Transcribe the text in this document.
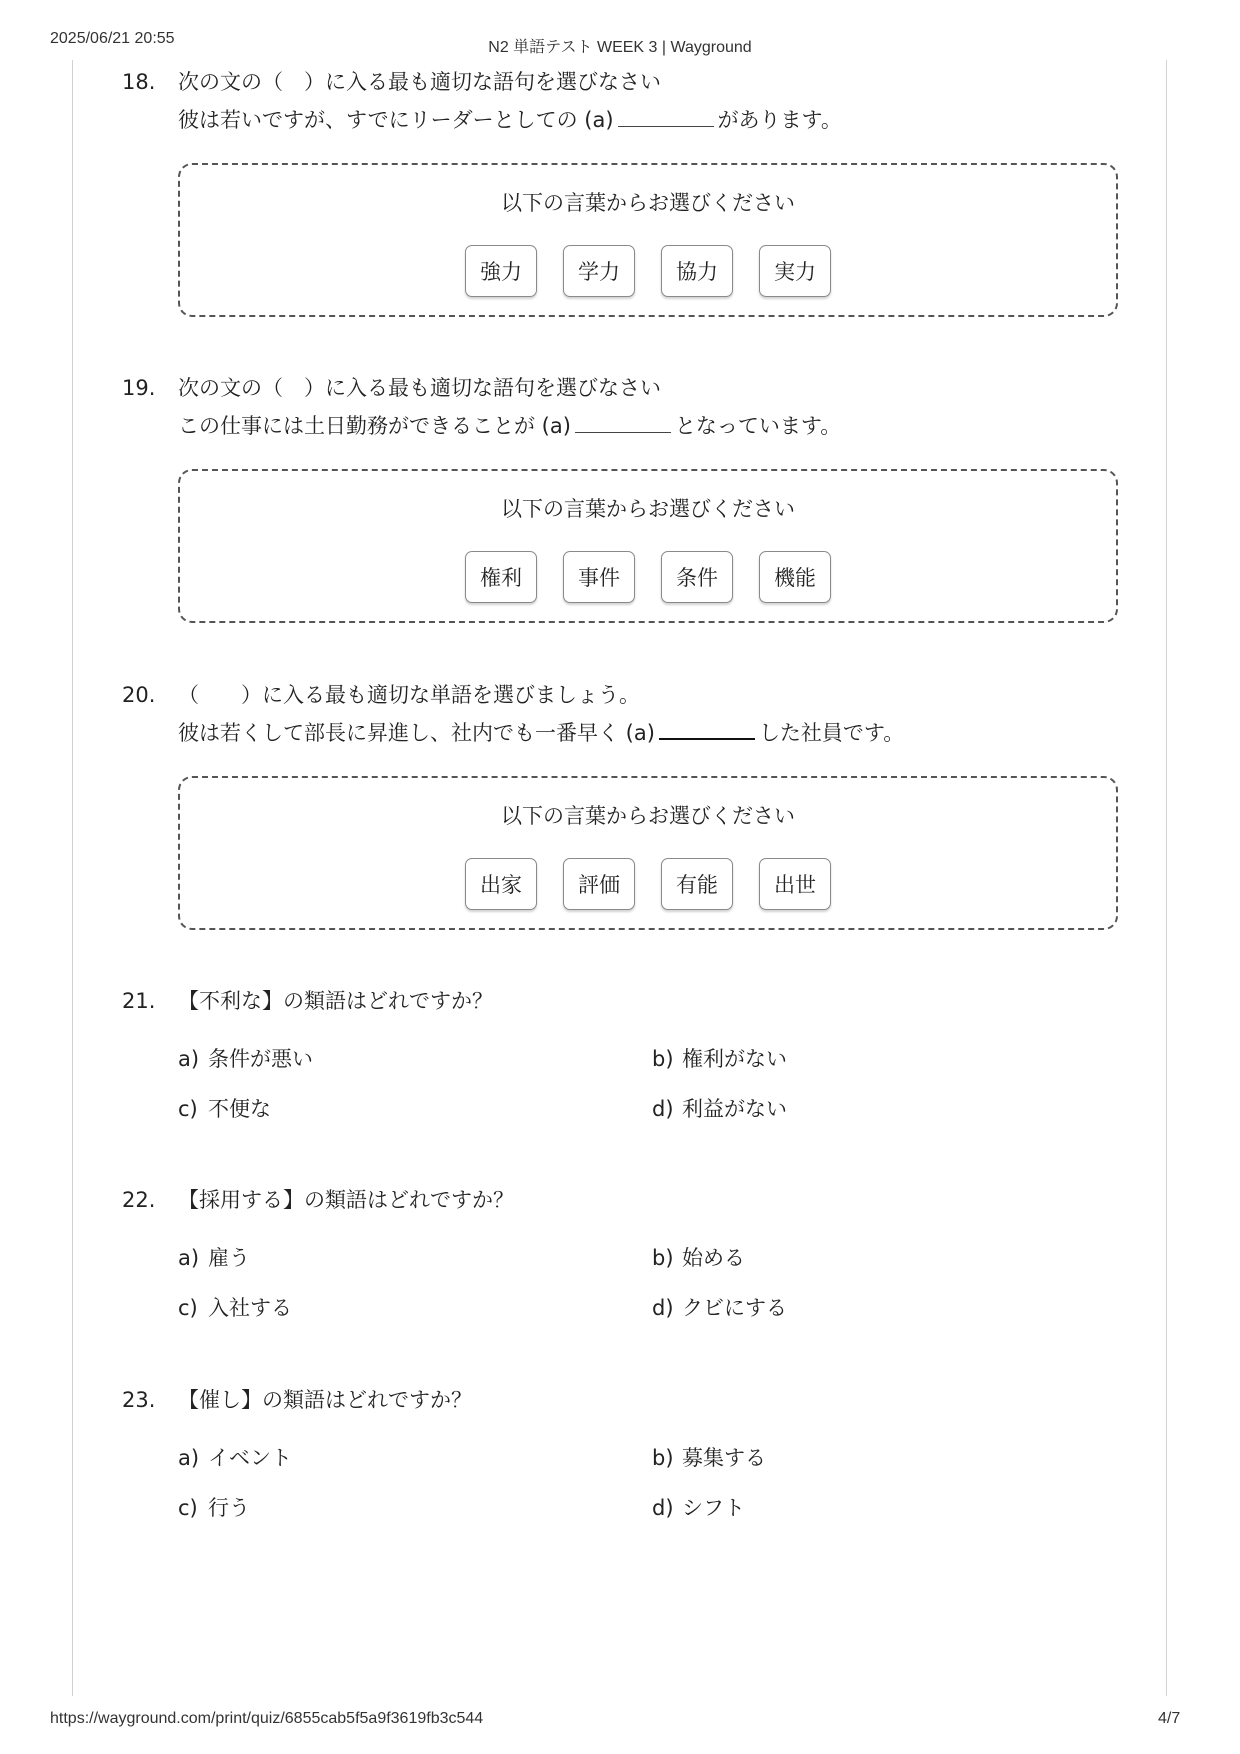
2025/06/21 20:55
N2 単語テスト WEEK 3 | Wayground
18. 次の文の（　）に入る最も適切な語句を選びなさい
彼は若いですが、すでにリーダーとしての (a)	があります。
以下の言葉からお選びください
強力	学力	協力	実力
19. 次の文の（　）に入る最も適切な語句を選びなさい
この仕事には土日勤務ができることが (a)	となっています。
以下の言葉からお選びください
権利	事件	条件	機能
20. （　　）に入る最も適切な単語を選びましょう。
彼は若くして部長に昇進し、社内でも一番早く (a)	した社員です。
以下の言葉からお選びください
出家	評価	有能	出世
21. 【不利な】の類語はどれですか？
a) 条件が悪い	b) 権利がない
c) 不便な	d) 利益がない
22. 【採用する】の類語はどれですか？
a) 雇う	b) 始める
c) 入社する	d) クビにする
23. 【催し】の類語はどれですか？
a) イベント	b) 募集する
c) 行う	d) シフト
https://wayground.com/print/quiz/6855cab5f5a9f3619fb3c544	4/7
